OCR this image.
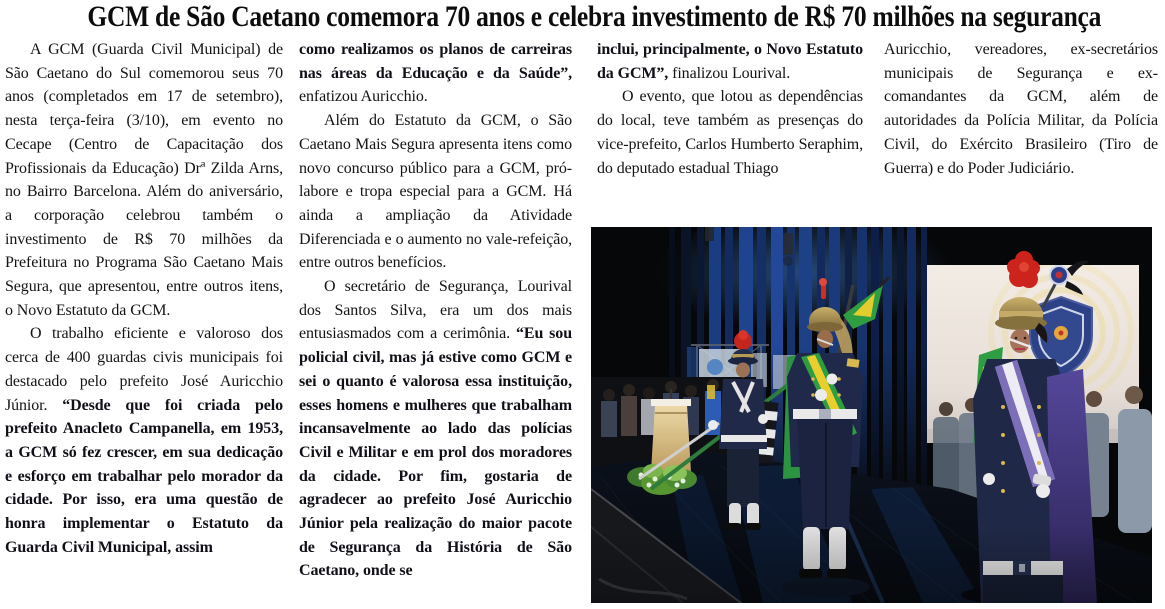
GCM de São Caetano comemora 70 anos e celebra investimento de R$ 70 milhões na segurança

A GCM (Guarda Civil Municipal) de São Caetano do Sul comemorou seus 70 anos (completados em 17 de setembro), nesta terça-feira (3/10), em evento no Cecape (Centro de Capacitação dos Profissionais da Educação) Drª Zilda Arns, no Bairro Barcelona. Além do aniversário, a corporação celebrou também o investimento de R$ 70 milhões da Prefeitura no Programa São Caetano Mais Segura, que apresentou, entre outros itens, o Novo Estatuto da GCM.

O trabalho eficiente e valoroso dos cerca de 400 guardas civis municipais foi destacado pelo prefeito José Auricchio Júnior. “Desde que foi criada pelo prefeito Anacleto Campanella, em 1953, a GCM só fez crescer, em sua dedicação e esforço em trabalhar pelo morador da cidade. Por isso, era uma questão de honra implementar o Estatuto da Guarda Civil Municipal, assim

como realizamos os planos de carreiras nas áreas da Educação e da Saúde”, enfatizou Auricchio.

Além do Estatuto da GCM, o São Caetano Mais Segura apresenta itens como novo concurso público para a GCM, pró-labore e tropa especial para a GCM. Há ainda a ampliação da Atividade Diferenciada e o aumento no vale-refeição, entre outros benefícios.

O secretário de Segurança, Lourival dos Santos Silva, era um dos mais entusiasmados com a cerimônia. “Eu sou policial civil, mas já estive como GCM e sei o quanto é valorosa essa instituição, esses homens e mulheres que trabalham incansavelmente ao lado das polícias Civil e Militar e em prol dos moradores da cidade. Por fim, gostaria de agradecer ao prefeito José Auricchio Júnior pela realização do maior pacote de Segurança da História de São Caetano, onde se

inclui, principalmente, o Novo Estatuto da GCM”, finalizou Lourival.

O evento, que lotou as dependências do local, teve também as presenças do vice-prefeito, Carlos Humberto Seraphim, do deputado estadual Thiago

Auricchio, vereadores, ex-secretários municipais de Segurança e ex-comandantes da GCM, além de autoridades da Polícia Militar, da Polícia Civil, do Exército Brasileiro (Tiro de Guerra) e do Poder Judiciário.
